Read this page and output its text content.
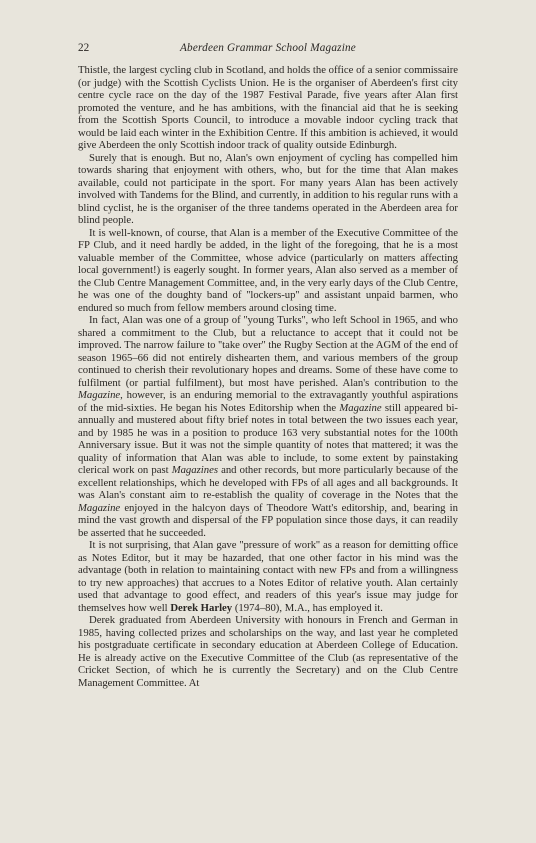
22	Aberdeen Grammar School Magazine

Thistle, the largest cycling club in Scotland, and holds the office of a senior commissaire (or judge) with the Scottish Cyclists Union. He is the organiser of Aberdeen's first city centre cycle race on the day of the 1987 Festival Parade, five years after Alan first promoted the venture, and he has ambitions, with the financial aid that he is seeking from the Scottish Sports Council, to introduce a movable indoor cycling track that would be laid each winter in the Exhibition Centre. If this ambition is achieved, it would give Aberdeen the only Scottish indoor track of quality outside Edinburgh.

Surely that is enough. But no, Alan's own enjoyment of cycling has compelled him towards sharing that enjoyment with others, who, but for the time that Alan makes available, could not participate in the sport. For many years Alan has been actively involved with Tandems for the Blind, and currently, in addition to his regular runs with a blind cyclist, he is the organiser of the three tandems operated in the Aberdeen area for blind people.

It is well-known, of course, that Alan is a member of the Executive Committee of the FP Club, and it need hardly be added, in the light of the foregoing, that he is a most valuable member of the Committee, whose advice (particularly on matters affecting local government!) is eagerly sought. In former years, Alan also served as a member of the Club Centre Management Committee, and, in the very early days of the Club Centre, he was one of the doughty band of ''lockers-up'' and assistant unpaid barmen, who endured so much from fellow members around closing time.

In fact, Alan was one of a group of ''young Turks'', who left School in 1965, and who shared a commitment to the Club, but a reluctance to accept that it could not be improved. The narrow failure to ''take over'' the Rugby Section at the AGM of the end of season 1965–66 did not entirely dishearten them, and various members of the group continued to cherish their revolutionary hopes and dreams. Some of these have come to fulfilment (or partial fulfilment), but most have perished. Alan's contribution to the Magazine, however, is an enduring memorial to the extravagantly youthful aspirations of the mid-sixties. He began his Notes Editorship when the Magazine still appeared bi-annually and mustered about fifty brief notes in total between the two issues each year, and by 1985 he was in a position to produce 163 very substantial notes for the 100th Anniversary issue. But it was not the simple quantity of notes that mattered; it was the quality of information that Alan was able to include, to some extent by painstaking clerical work on past Magazines and other records, but more particularly because of the excellent relationships, which he developed with FPs of all ages and all backgrounds. It was Alan's constant aim to re-establish the quality of coverage in the Notes that the Magazine enjoyed in the halcyon days of Theodore Watt's editorship, and, bearing in mind the vast growth and dispersal of the FP population since those days, it can readily be asserted that he succeeded.

It is not surprising, that Alan gave ''pressure of work'' as a reason for demitting office as Notes Editor, but it may be hazarded, that one other factor in his mind was the advantage (both in relation to maintaining contact with new FPs and from a willingness to try new approaches) that accrues to a Notes Editor of relative youth. Alan certainly used that advantage to good effect, and readers of this year's issue may judge for themselves how well Derek Harley (1974–80), M.A., has employed it.

Derek graduated from Aberdeen University with honours in French and German in 1985, having collected prizes and scholarships on the way, and last year he completed his postgraduate certificate in secondary education at Aberdeen College of Education. He is already active on the Executive Committee of the Club (as representative of the Cricket Section, of which he is currently the Secretary) and on the Club Centre Management Committee. At
